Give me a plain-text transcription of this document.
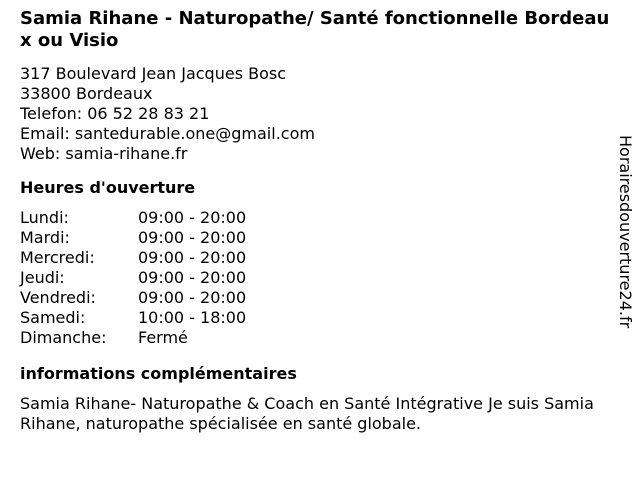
Samia Rihane - Naturopathe/ Santé fonctionnelle Bordeaux ou Visio
317 Boulevard Jean Jacques Bosc
33800 Bordeaux
Telefon: 06 52 28 83 21
Email: santedurable.one@gmail.com
Web: samia-rihane.fr
Heures d'ouverture
Lundi:	09:00 - 20:00
Mardi:	09:00 - 20:00
Mercredi:	09:00 - 20:00
Jeudi:	09:00 - 20:00
Vendredi:	09:00 - 20:00
Samedi:	10:00 - 18:00
Dimanche:	Fermé
informations complémentaires
Samia Rihane- Naturopathe & Coach en Santé Intégrative Je suis Samia Rihane, naturopathe spécialisée en santé globale.
Horairesdouverture24.fr
